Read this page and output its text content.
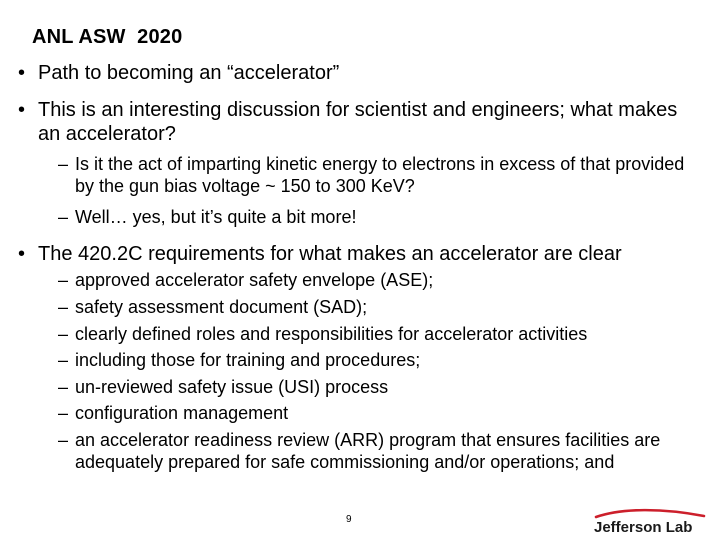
ANL ASW  2020
• Path to becoming an “accelerator”
• This is an interesting discussion for scientist and engineers; what makes an accelerator?
– Is it the act of imparting kinetic energy to electrons in excess of that provided by the gun bias voltage ~ 150 to 300 KeV?
– Well… yes, but it’s quite a bit more!
• The 420.2C requirements for what makes an accelerator are clear
– approved accelerator safety envelope (ASE);
– safety assessment document (SAD);
– clearly defined roles and responsibilities for accelerator activities
– including those for training and procedures;
– un-reviewed safety issue (USI) process
– configuration management
– an accelerator readiness review (ARR) program that ensures facilities are adequately prepared for safe commissioning and/or operations; and
9	Jefferson Lab
